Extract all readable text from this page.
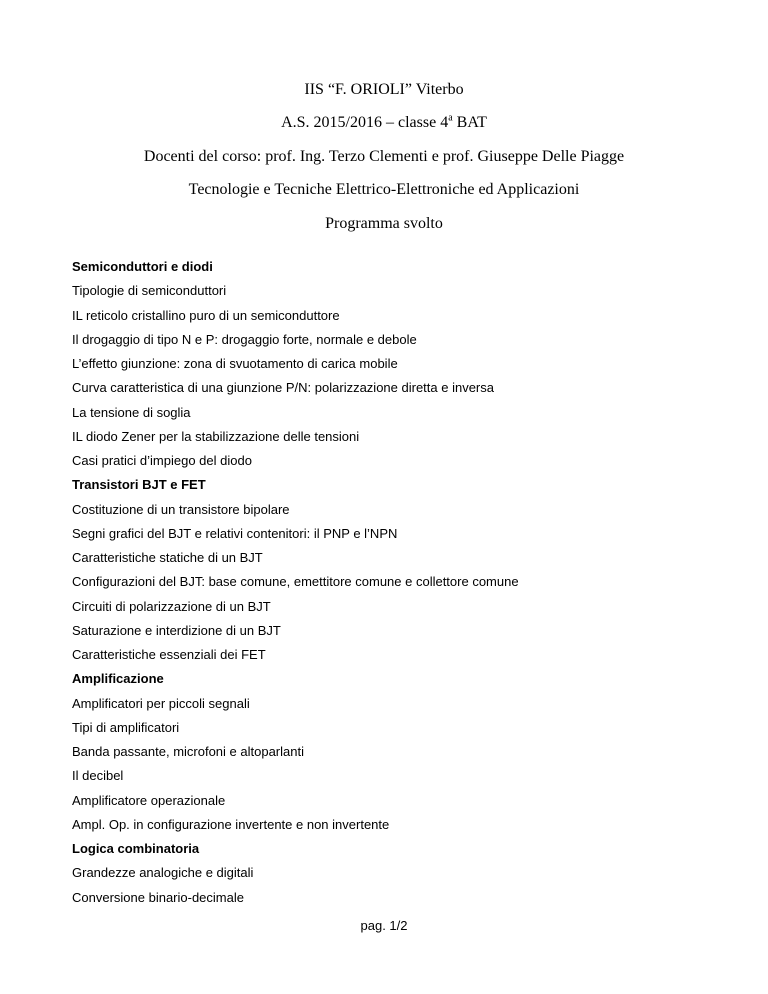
IIS “F. ORIOLI” Viterbo
A.S. 2015/2016 – classe 4$^a$ BAT
Docenti del corso: prof. Ing. Terzo Clementi e prof. Giuseppe Delle Piagge
Tecnologie e Tecniche Elettrico-Elettroniche ed Applicazioni
Programma svolto
Semiconduttori e diodi
Tipologie di semiconduttori
IL reticolo cristallino puro di un semiconduttore
Il drogaggio di tipo N e P: drogaggio forte, normale e debole
L’effetto giunzione: zona di svuotamento di carica mobile
Curva caratteristica di una giunzione P/N: polarizzazione diretta e inversa
La tensione di soglia
IL diodo Zener per la stabilizzazione delle tensioni
Casi pratici d’impiego del diodo
Transistori BJT e FET
Costituzione di un transistore bipolare
Segni grafici del BJT e relativi contenitori: il PNP e l’NPN
Caratteristiche statiche di un BJT
Configurazioni del BJT: base comune, emettitore comune e collettore comune
Circuiti di polarizzazione di un BJT
Saturazione e interdizione di un BJT
Caratteristiche essenziali dei FET
Amplificazione
Amplificatori per piccoli segnali
Tipi di amplificatori
Banda passante, microfoni e altoparlanti
Il decibel
Amplificatore operazionale
Ampl. Op. in configurazione invertente e non invertente
Logica combinatoria
Grandezze analogiche e digitali
Conversione binario-decimale
pag. 1/2
